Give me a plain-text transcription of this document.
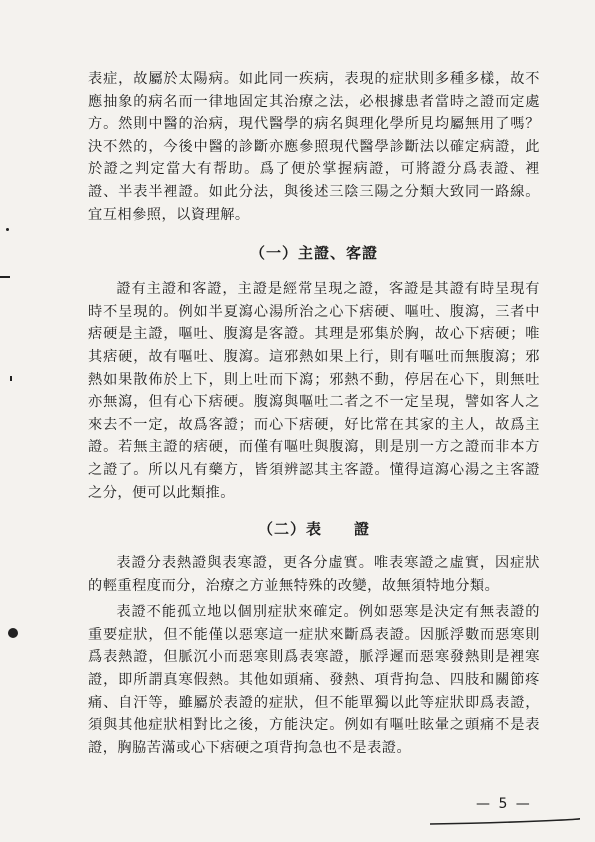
表症，故屬於太陽病。如此同一疾病，表現的症狀則多種多樣，故不應抽象的病名而一律地固定其治療之法，必根據患者當時之證而定處方。然則中醫的治病，現代醫學的病名與理化學所見均屬無用了嗎？決不然的，今後中醫的診斷亦應參照現代醫學診斷法以確定病證，此於證之判定當大有帮助。爲了便於掌握病證，可將證分爲表證、裡證、半表半裡證。如此分法，與後述三陰三陽之分類大致同一路線。宜互相參照，以資理解。

（一）主證、客證

證有主證和客證，主證是經常呈現之證，客證是其證有時呈現有時不呈現的。例如半夏瀉心湯所治之心下痞硬、嘔吐、腹瀉，三者中痞硬是主證，嘔吐、腹瀉是客證。其理是邪集於胸，故心下痞硬；唯其痞硬，故有嘔吐、腹瀉。這邪熱如果上行，則有嘔吐而無腹瀉；邪熱如果散佈於上下，則上吐而下瀉；邪熱不動，停居在心下，則無吐亦無瀉，但有心下痞硬。腹瀉與嘔吐二者之不一定呈現，譬如客人之來去不一定，故爲客證；而心下痞硬，好比常在其家的主人，故爲主證。若無主證的痞硬，而僅有嘔吐與腹瀉，則是別一方之證而非本方之證了。所以凡有藥方，皆須辨認其主客證。懂得這瀉心湯之主客證之分，便可以此類推。

（二）表　　證

表證分表熱證與表寒證，更各分虛實。唯表寒證之虛實，因症狀的輕重程度而分，治療之方並無特殊的改變，故無須特地分類。

表證不能孤立地以個別症狀來確定。例如惡寒是決定有無表證的重要症狀，但不能僅以惡寒這一症狀來斷爲表證。因脈浮數而惡寒則爲表熱證，但脈沉小而惡寒則爲表寒證，脈浮遲而惡寒發熱則是裡寒證，即所謂真寒假熱。其他如頭痛、發熱、項背拘急、四肢和關節疼痛、自汗等，雖屬於表證的症狀，但不能單獨以此等症狀即爲表證，須與其他症狀相對比之後，方能決定。例如有嘔吐眩暈之頭痛不是表證，胸脇苦滿或心下痞硬之項背拘急也不是表證。

— 5 —
